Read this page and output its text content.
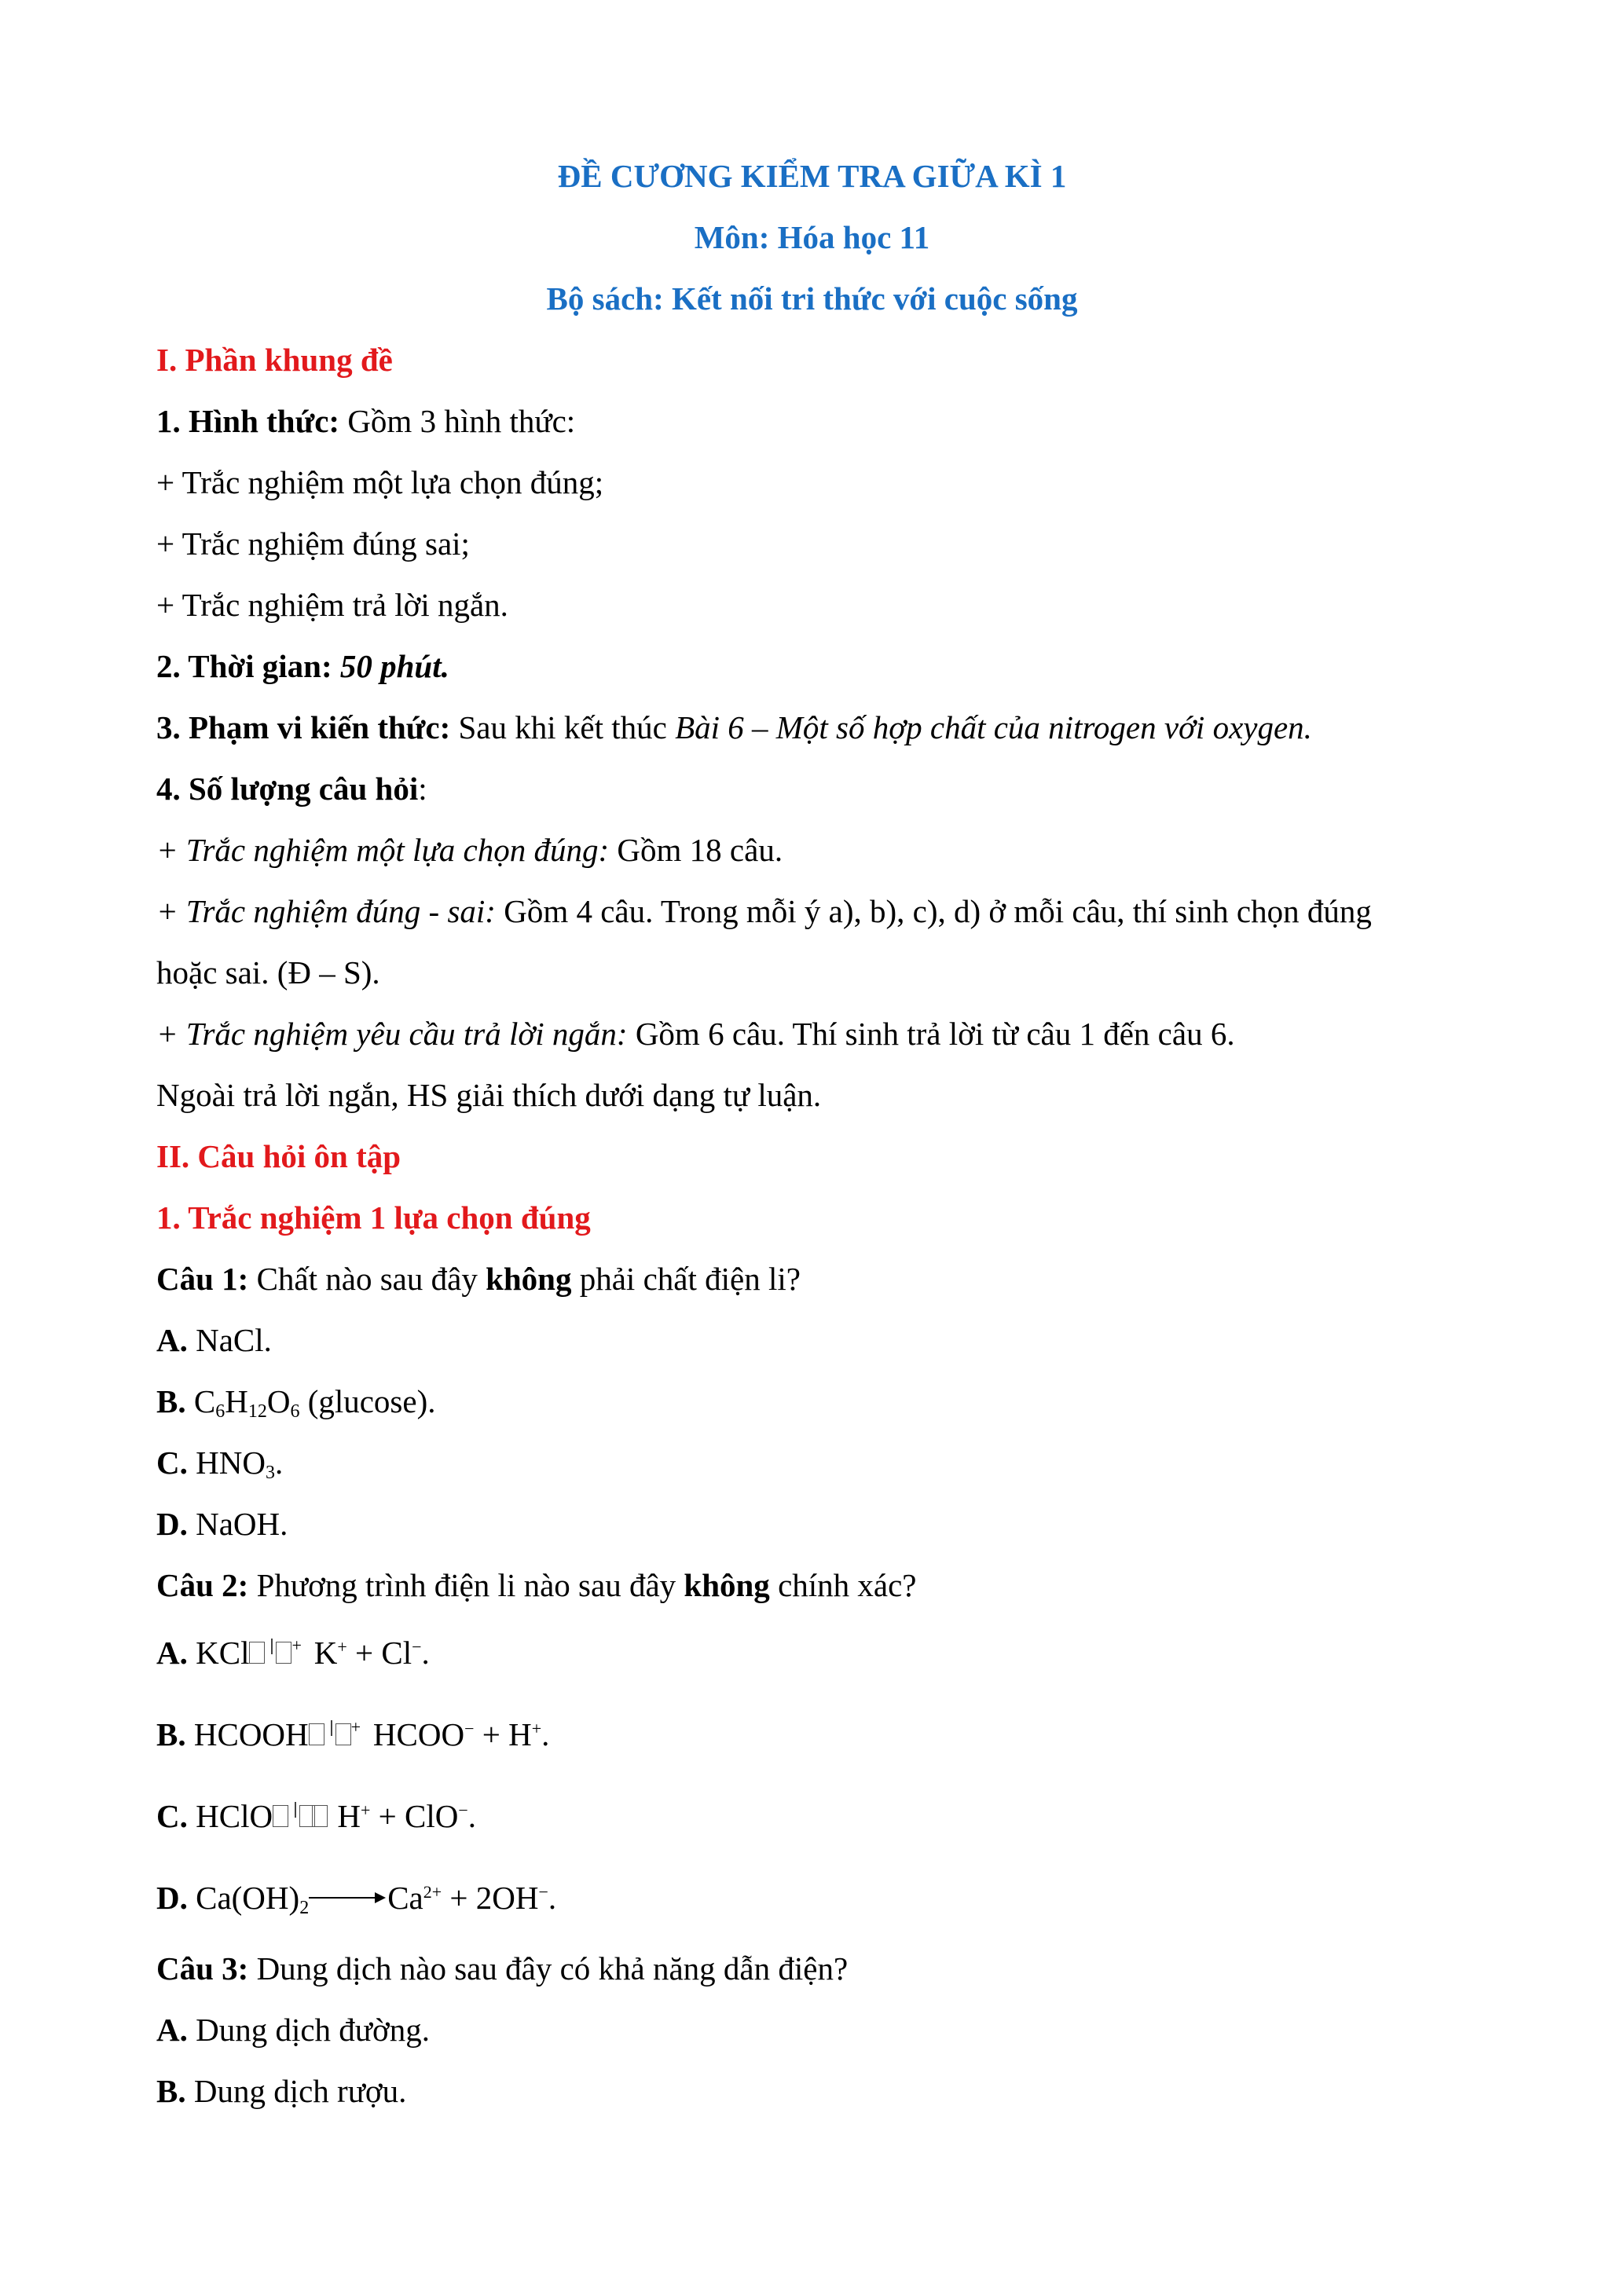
ĐỀ CƯƠNG KIỂM TRA GIỮA KÌ 1
Môn: Hóa học 11
Bộ sách: Kết nối tri thức với cuộc sống
I. Phần khung đề
1. Hình thức: Gồm 3 hình thức:
+ Trắc nghiệm một lựa chọn đúng;
+ Trắc nghiệm đúng sai;
+ Trắc nghiệm trả lời ngắn.
2. Thời gian: 50 phút.
3. Phạm vi kiến thức: Sau khi kết thúc Bài 6 – Một số hợp chất của nitrogen với oxygen.
4. Số lượng câu hỏi:
+ Trắc nghiệm một lựa chọn đúng: Gồm 18 câu.
+ Trắc nghiệm đúng - sai: Gồm 4 câu. Trong mỗi ý a), b), c), d) ở mỗi câu, thí sinh chọn đúng
hoặc sai. (Đ – S).
+ Trắc nghiệm yêu cầu trả lời ngắn: Gồm 6 câu. Thí sinh trả lời từ câu 1 đến câu 6.
Ngoài trả lời ngắn, HS giải thích dưới dạng tự luận.
II. Câu hỏi ôn tập
1. Trắc nghiệm 1 lựa chọn đúng
Câu 1: Chất nào sau đây không phải chất điện li?
A. NaCl.
B. $C_6H_{12}O_6$ (glucose).
C. $HNO_3$.
D. NaOH.
Câu 2: Phương trình điện li nào sau đây không chính xác?
A. KCl + K+ + Cl−.
B. HCOOH + HCOO− + H+.
C. HClO
H+ + ClO−.
D. $Ca(OH)_2$ $Ca^{2+} + 2OH^-$.
Câu 3: Dung dịch nào sau đây có khả năng dẫn điện?
A. Dung dịch đường.
B. Dung dịch rượu.
